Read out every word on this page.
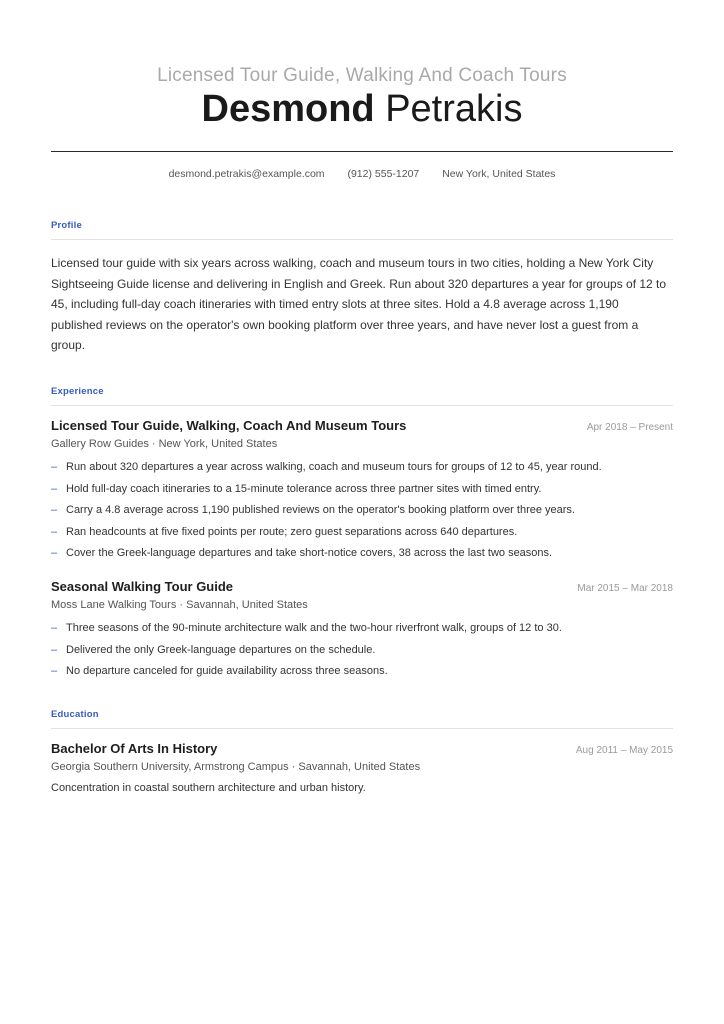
Licensed Tour Guide, Walking And Coach Tours
Desmond Petrakis
desmond.petrakis@example.com (912) 555-1207 New York, United States
Profile
Licensed tour guide with six years across walking, coach and museum tours in two cities, holding a New York City Sightseeing Guide license and delivering in English and Greek. Run about 320 departures a year for groups of 12 to 45, including full-day coach itineraries with timed entry slots at three sites. Hold a 4.8 average across 1,190 published reviews on the operator's own booking platform over three years, and have never lost a guest from a group.
Experience
Licensed Tour Guide, Walking, Coach And Museum Tours	Apr 2018 – Present
Gallery Row Guides · New York, United States
– Run about 320 departures a year across walking, coach and museum tours for groups of 12 to 45, year round.
– Hold full-day coach itineraries to a 15-minute tolerance across three partner sites with timed entry.
– Carry a 4.8 average across 1,190 published reviews on the operator's booking platform over three years.
– Ran headcounts at five fixed points per route; zero guest separations across 640 departures.
– Cover the Greek-language departures and take short-notice covers, 38 across the last two seasons.
Seasonal Walking Tour Guide	Mar 2015 – Mar 2018
Moss Lane Walking Tours · Savannah, United States
– Three seasons of the 90-minute architecture walk and the two-hour riverfront walk, groups of 12 to 30.
– Delivered the only Greek-language departures on the schedule.
– No departure canceled for guide availability across three seasons.
Education
Bachelor Of Arts In History	Aug 2011 – May 2015
Georgia Southern University, Armstrong Campus · Savannah, United States
Concentration in coastal southern architecture and urban history.
